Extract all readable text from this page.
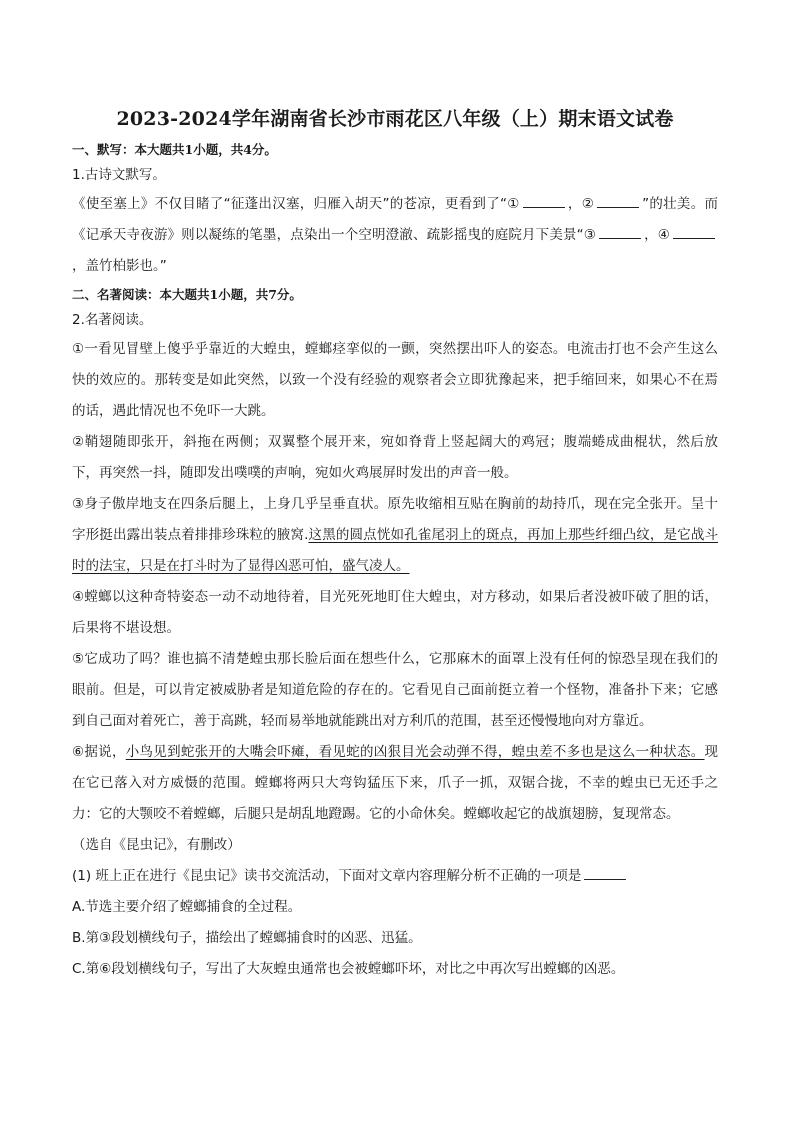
2023-2024学年湖南省长沙市雨花区八年级（上）期末语文试卷
一、默写：本大题共1小题，共4分。

1.古诗文默写。

《使至塞上》不仅目睹了“征蓬出汉塞，归雁入胡天”的苍凉，更看到了“①	，②	”的壮美。而《记承天寺夜游》则以凝练的笔墨，点染出一个空明澄澈、疏影摇曳的庭院月下美景“③	，④，盖竹柏影也。”

二、名著阅读：本大题共1小题，共7分。

2.名著阅读。

①一看见冒壁上傻乎乎靠近的大蝗虫，螳螂痉挛似的一颤，突然摆出吓人的姿态。电流击打也不会产生这么快的效应的。那转变是如此突然，以致一个没有经验的观察者会立即犹豫起来，把手缩回来，如果心不在焉的话，遇此情况也不免吓一大跳。

②鞘翅随即张开，斜拖在两侧；双翼整个展开来，宛如脊背上竖起阔大的鸡冠；腹端蜷成曲棍状，然后放下，再突然一抖，随即发出噗噗的声响，宛如火鸡展屏时发出的声音一般。

③身子傲岸地支在四条后腿上，上身几乎呈垂直状。原先收缩相互贴在胸前的劫持爪，现在完全张开。呈十字形挺出露出装点着排排珍珠粒的腋窝.这黑的圆点恍如孔雀尾羽上的斑点，再加上那些纤细凸纹，是它战斗时的法宝，只是在打斗时为了显得凶恶可怕，盛气凌人。

④螳螂以这种奇特姿态一动不动地待着，目光死死地盯住大蝗虫，对方移动，如果后者没被吓破了胆的话，后果将不堪设想。

⑤它成功了吗？谁也搞不清楚蝗虫那长脸后面在想些什么，它那麻木的面罩上没有任何的惊恐呈现在我们的眼前。但是，可以肯定被威胁者是知道危险的存在的。它看见自己面前挺立着一个怪物，准备扑下来；它感到自己面对着死亡，善于高跳，轻而易举地就能跳出对方利爪的范围，甚至还慢慢地向对方靠近。

⑥据说，小鸟见到蛇张开的大嘴会吓瘫，看见蛇的凶狠目光会动弹不得，蝗虫差不多也是这么一种状态。现在它已落入对方威慑的范围。螳螂将两只大弯钩猛压下来，爪子一抓，双锯合拢，不幸的蝗虫已无还手之力：它的大颚咬不着螳螂，后腿只是胡乱地蹬踢。它的小命休矣。螳螂收起它的战旗翅膀，复现常态。

（选自《昆虫记》，有删改）

(1) 班上正在进行《昆虫记》读书交流活动，下面对文章内容理解分析不正确的一项是

A.节选主要介绍了螳螂捕食的全过程。

B.第③段划横线句子，描绘出了螳螂捕食时的凶恶、迅猛。

C.第⑥段划横线句子，写出了大灰蝗虫通常也会被螳螂吓坏，对比之中再次写出螳螂的凶恶。
